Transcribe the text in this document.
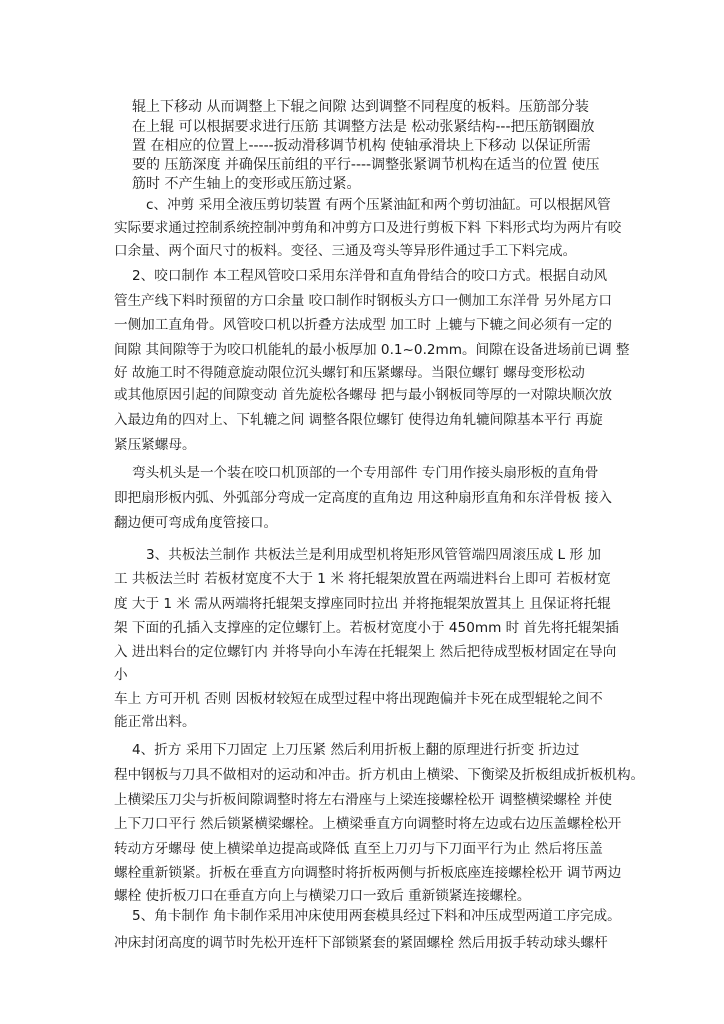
辊上下移动 从而调整上下辊之间隙 达到调整不同程度的板料。压筋部分装

在上辊 可以根据要求进行压筋 其调整方法是 松动张紧结构---把压筋钢圈放

置 在相应的位置上-----扳动滑移调节机构 使轴承滑块上下移动 以保证所需

要的 压筋深度 并确保压前组的平行----调整张紧调节机构在适当的位置 使压

筋时 不产生轴上的变形或压筋过紧。

c、冲剪 采用全液压剪切装置 有两个压紧油缸和两个剪切油缸。可以根据风管

实际要求通过控制系统控制冲剪角和冲剪方口及进行剪板下料 下料形式均为两片有咬

口余量、两个面尺寸的板料。变径、三通及弯头等异形件通过手工下料完成。

2、咬口制作 本工程风管咬口采用东洋骨和直角骨结合的咬口方式。根据自动风

管生产线下料时预留的方口余量 咬口制作时钢板头方口一侧加工东洋骨 另外尾方口

一侧加工直角骨。风管咬口机以折叠方法成型 加工时 上辘与下辘之间必须有一定的

间隙 其间隙等于为咬口机能轧的最小板厚加 0.1~0.2mm。间隙在设备进场前已调 整

好 故施工时不得随意旋动限位沉头螺钉和压紧螺母。当限位螺钉 螺母变形松动

或其他原因引起的间隙变动 首先旋松各螺母 把与最小钢板同等厚的一对隙块顺次放

入最边角的四对上、下轧辘之间 调整各限位螺钉 使得边角轧辘间隙基本平行 再旋

紧压紧螺母。

弯头机头是一个装在咬口机顶部的一个专用部件 专门用作接头扇形板的直角骨

即把扇形板内弧、外弧部分弯成一定高度的直角边 用这种扇形直角和东洋骨板 接入

翻边便可弯成角度管接口。

3、共板法兰制作 共板法兰是利用成型机将矩形风管管端四周滚压成 L 形 加

工 共板法兰时 若板材宽度不大于 1 米 将托辊架放置在两端进料台上即可 若板材宽

度 大于 1 米 需从两端将托辊架支撑座同时拉出 并将拖辊架放置其上 且保证将托辊

架 下面的孔插入支撑座的定位螺钉上。若板材宽度小于 450mm 时 首先将托辊架插

入 进出料台的定位螺钉内 并将导向小车涛在托辊架上 然后把待成型板材固定在导向

小

车上 方可开机 否则 因板材较短在成型过程中将出现跑偏并卡死在成型辊轮之间不

能正常出料。

4、折方 采用下刀固定 上刀压紧 然后利用折板上翻的原理进行折变 折边过

程中钢板与刀具不做相对的运动和冲击。折方机由上横梁、下衡梁及折板组成折板机构。

上横梁压刀尖与折板间隙调整时将左右滑座与上梁连接螺栓松开 调整横梁螺栓 并使

上下刀口平行 然后锁紧横梁螺栓。上横梁垂直方向调整时将左边或右边压盖螺栓松开

转动方牙螺母 使上横梁单边提高或降低 直至上刀刃与下刀面平行为止 然后将压盖

螺栓重新锁紧。折板在垂直方向调整时将折板两侧与折板底座连接螺栓松开 调节两边

螺栓 使折板刀口在垂直方向上与横梁刀口一致后 重新锁紧连接螺栓。

5、角卡制作 角卡制作采用冲床使用两套模具经过下料和冲压成型两道工序完成。

冲床封闭高度的调节时先松开连杆下部锁紧套的紧固螺栓 然后用扳手转动球头螺杆
